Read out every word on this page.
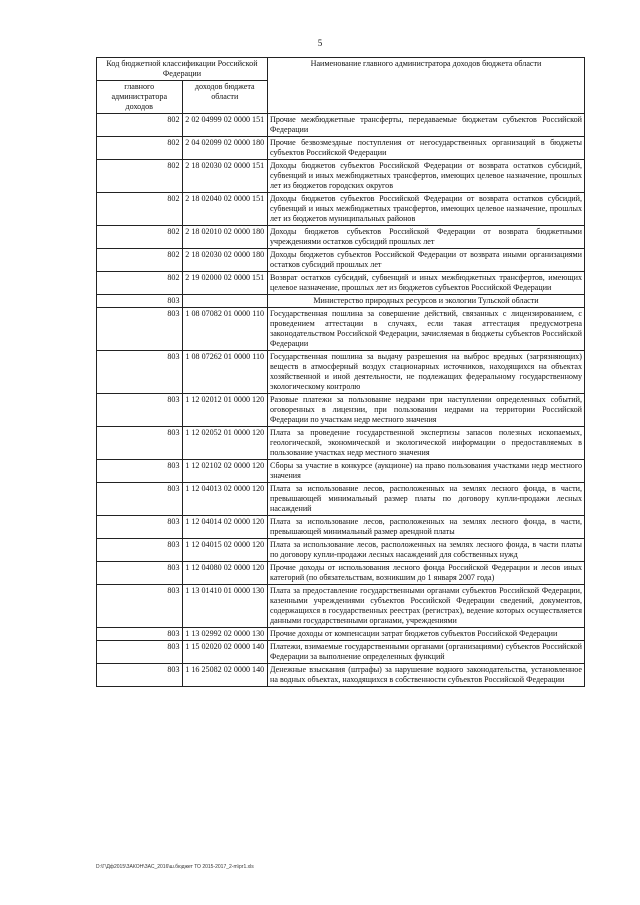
5
Код бюджетной классификации Российской Федерации		Наименование главного администратора доходов бюджета области
главного администратора доходов	доходов бюджета области	
802	2 02 04999 02 0000 151	Прочие межбюджетные трансферты, передаваемые бюджетам субъектов Российской Федерации
802	2 04 02099 02 0000 180	Прочие безвозмездные поступления от негосударственных организаций в бюджеты субъектов Российской Федерации
802	2 18 02030 02 0000 151	Доходы бюджетов субъектов Российской Федерации от возврата остатков субсидий, субвенций и иных межбюджетных трансфертов, имеющих целевое назначение, прошлых лет из бюджетов городских округов
802	2 18 02040 02 0000 151	Доходы бюджетов субъектов Российской Федерации от возврата остатков субсидий, субвенций и иных межбюджетных трансфертов, имеющих целевое назначение, прошлых лет из бюджетов муниципальных районов
802	2 18 02010 02 0000 180	Доходы бюджетов субъектов Российской Федерации от возврата бюджетными учреждениями остатков субсидий прошлых лет
802	2 18 02030 02 0000 180	Доходы бюджетов субъектов Российской Федерации от возврата иными организациями остатков субсидий прошлых лет
802	2 19 02000 02 0000 151	Возврат остатков субсидий, субвенций и иных межбюджетных трансфертов, имеющих целевое назначение, прошлых лет из бюджетов субъектов Российской Федерации
803		Министерство природных ресурсов и экологии Тульской области
803	1 08 07082 01 0000 110	Государственная пошлина за совершение действий, связанных с лицензированием, с проведением аттестации в случаях, если такая аттестация предусмотрена законодательством Российской Федерации, зачисляемая в бюджеты субъектов Российской Федерации
803	1 08 07262 01 0000 110	Государственная пошлина за выдачу разрешения на выброс вредных (загрязняющих) веществ в атмосферный воздух стационарных источников, находящихся на объектах хозяйственной и иной деятельности, не подлежащих федеральному государственному экологическому контролю
803	1 12 02012 01 0000 120	Разовые платежи за пользование недрами при наступлении определенных событий, оговоренных в лицензии, при пользовании недрами на территории Российской Федерации по участкам недр местного значения
803	1 12 02052 01 0000 120	Плата за проведение государственной экспертизы запасов полезных ископаемых, геологической, экономической и экологической информации о предоставляемых в пользование участках недр местного значения
803	1 12 02102 02 0000 120	Сборы за участие в конкурсе (аукционе) на право пользования участками недр местного значения
803	1 12 04013 02 0000 120	Плата за использование лесов, расположенных на землях лесного фонда, в части, превышающей минимальный размер платы по договору купли-продажи лесных насаждений
803	1 12 04014 02 0000 120	Плата за использование лесов, расположенных на землях лесного фонда, в части, превышающей минимальный размер арендной платы
803	1 12 04015 02 0000 120	Плата за использование лесов, расположенных на землях лесного фонда, в части платы по договору купли-продажи лесных насаждений для собственных нужд
803	1 12 04080 02 0000 120	Прочие доходы от использования лесного фонда Российской Федерации и лесов иных категорий (по обязательствам, возникшим до 1 января 2007 года)
803	1 13 01410 01 0000 130	Плата за предоставление государственными органами субъектов Российской Федерации, казенными учреждениями субъектов Российской Федерации сведений, документов, содержащихся в государственных реестрах (регистрах), ведение которых осуществляется данными государственными органами, учреждениями
803	1 13 02992 02 0000 130	Прочие доходы от компенсации затрат бюджетов субъектов Российской Федерации
803	1 15 02020 02 0000 140	Платежи, взимаемые государственными органами (организациями) субъектов Российской Федерации за выполнение определенных функций
803	1 16 25082 02 0000 140	Денежные взыскания (штрафы) за нарушение водного законодательства, установленное на водных объектах, находящихся в собственности субъектов Российской Федерации
D:\Г\Дф2015\ЗАКОН\ЗАС_2016\ш.бюджет ТО 2015-2017_2-m\pr1.xls
